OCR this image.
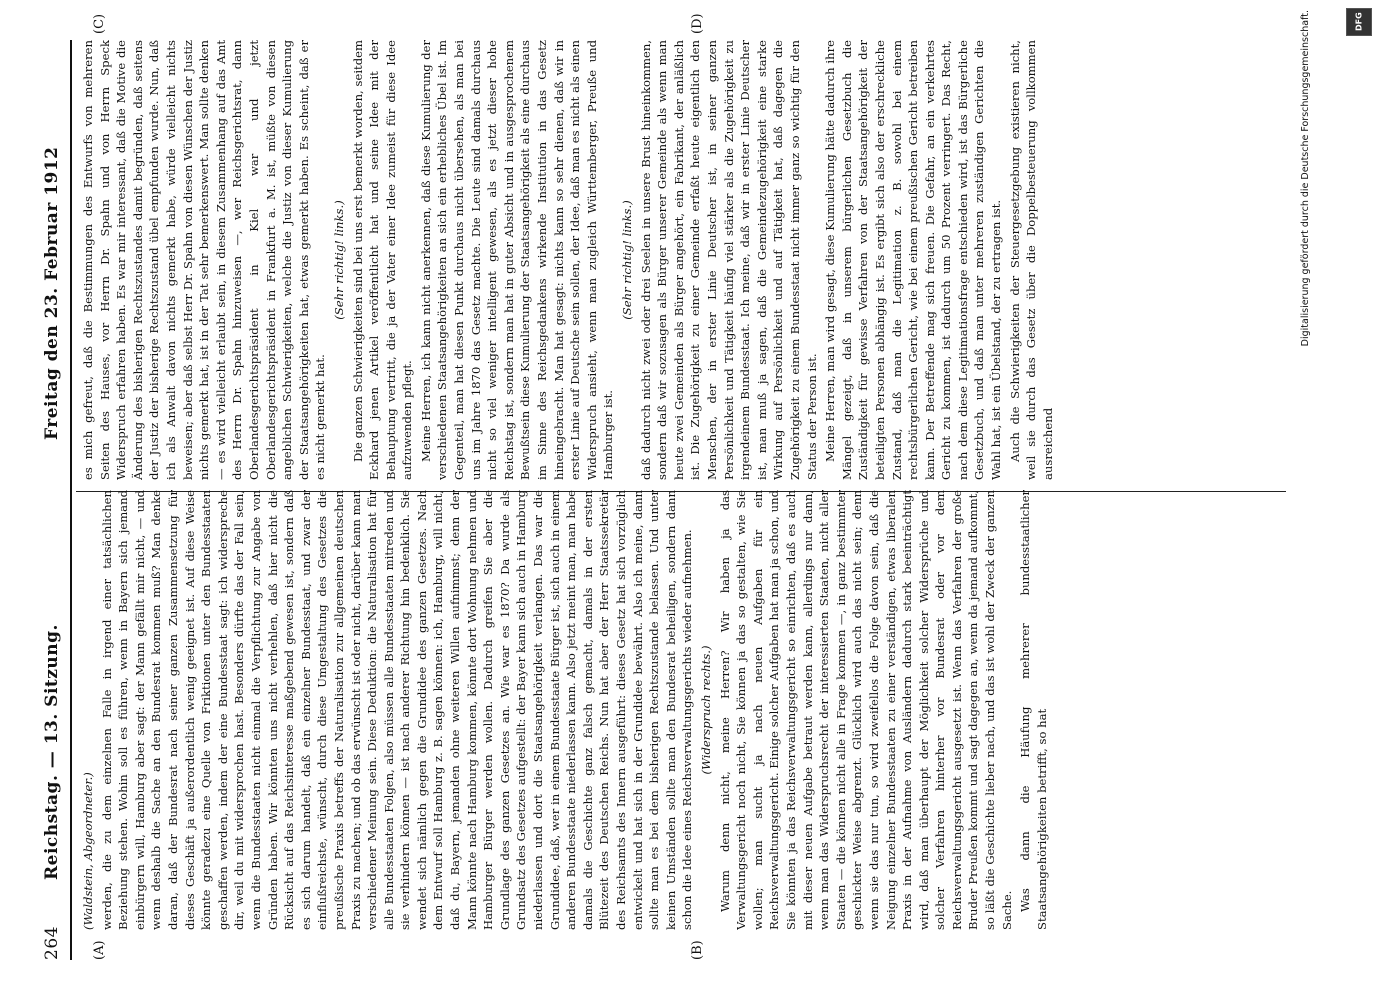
264
Reichstag. — 13. Sitzung.
Freitag den 23. Februar 1912
(A)	(B)
(C)	(D)

(Waldstein, Abgeordneter.) werden, die zu dem einzelnen Falle in irgend einer tatsächlichen Beziehung stehen. Wohin soll es führen, wenn in Bayern sich jemand einbürgern will, Hamburg aber sagt: der Mann gefällt mir nicht, — und wenn deshalb die Sache an den Bundesrat kommen muß? Man denke daran, daß der Bundesrat nach seiner ganzen Zusammensetzung für dieses Geschäft ja außerordentlich wenig geeignet ist. Auf diese Weise könnte geradezu eine Quelle von Friktionen unter den Bundesstaaten geschaffen werden, indem der eine Bundesstaat sagt: ich widerspreche dir, weil du mit widersprochen hast. Besonders dürfte das der Fall sein, wenn die Bundesstaaten nicht einmal die Verpflichtung zur Angabe von Gründen haben. Wir könnten uns nicht verhehlen, daß hier nicht die Rücksicht auf das Reichsinteresse maßgebend gewesen ist, sondern daß es sich darum handelt, daß ein einzelner Bundesstaat, und zwar der einflußreichste, wünscht, durch diese Umgestaltung des Gesetzes die preußische Praxis betreffs der Naturalisation zur allgemeinen deutschen Praxis zu machen; und ob das erwünscht ist oder nicht, darüber kann man verschiedener Meinung sein. Diese Deduktion: die Naturalisation hat für alle Bundesstaaten Folgen, also müssen alle Bundesstaaten mitreden und sie verhindern können — ist nach anderer Richtung hin bedenklich. Sie wendet sich nämlich gegen die Grundidee des ganzen Gesetzes. Nach dem Entwurf soll Hamburg z. B. sagen können: ich, Hamburg, will nicht, daß du, Bayern, jemanden ohne weiteren Willen aufnimmst; denn der Mann könnte nach Hamburg kommen, könnte dort Wohnung nehmen und Hamburger Bürger werden wollen. Dadurch greifen Sie aber die Grundlage des ganzen Gesetzes an. Wie war es 1870? Da wurde als Grundsatz des Gesetzes aufgestellt: der Bayer kann sich auch in Hamburg niederlassen und dort die Staatsangehörigkeit verlangen. Das war die Grundidee, daß, wer in einem Bundesstaate Bürger ist, sich auch in einem anderen Bundesstaate niederlassen kann. Also jetzt meint man, man habe damals die Geschichte ganz falsch gemacht, damals in der ersten Blütezeit des Deutschen Reichs. Nun hat aber der Herr Staatssekretär des Reichsamts des Innern ausgeführt: dieses Gesetz hat sich vorzüglich entwickelt und hat sich in der Grundidee bewährt. Also ich meine, dann sollte man es bei dem bisherigen Rechtszustande belassen. Und unter keinen Umständen sollte man den Bundesrat beheiligen, sondern dann schon die Idee eines Reichsverwaltungsgerichts wieder aufnehmen. (Widerspruch rechts.) Warum denn nicht, meine Herren? Wir haben ja das Verwaltungsgericht noch nicht, Sie können ja das so gestalten, wie Sie wollen; man sucht ja nach neuen Aufgaben für ein Reichsverwaltungsgericht. Einige solcher Aufgaben hat man ja schon, und Sie könnten ja das Reichsverwaltungsgericht so einrichten, daß es auch mit dieser neuen Aufgabe betraut werden kann, allerdings nur dann, wenn man das Widerspruchsrecht der interessierten Staaten, nicht aller Staaten — die können nicht alle in Frage kommen —, in ganz bestimmter geschickter Weise abgrenzt. Glücklich wird auch das nicht sein; denn wenn sie das nur tun, so wird zweifellos die Folge davon sein, daß die Neigung einzelner Bundesstaaten zu einer verständigen, etwas liberalen Praxis in der Aufnahme von Ausländern dadurch stark beeinträchtigt wird, daß man überhaupt der Möglichkeit solcher Widersprüche und solcher Verfahren hinterher vor Bundesrat oder vor dem Reichsverwaltungsgericht ausgesetzt ist. Wenn das Verfahren der große Bruder Preußen kommt und sagt dagegen an, wenn da jemand aufkommt, so läßt die Geschichte lieber nach, und das ist wohl der Zweck der ganzen Sache. Was dann die Häufung mehrerer bundesstaatlicher Staatsangehörigkeiten betrifft, so hat

es mich gefreut, daß die Bestimmungen des Entwurfs von mehreren Seiten des Hauses, vor Herrn Dr. Spahn und von Herrn Speck Widerspruch erfahren haben. Es war mir interessant, daß die Motive die Änderung des bisherigen Rechtszustandes damit begründen, daß seitens der Justiz der bisherige Rechtszustand übel empfunden wurde. Nun, daß ich als Anwalt davon nichts gemerkt habe, würde vielleicht nichts beweisen; aber daß selbst Herr Dr. Spahn von diesen Wünschen der Justiz nichts gemerkt hat, ist in der Tat sehr bemerkenswert. Man sollte denken — es wird vielleicht erlaubt sein, in diesem Zusammenhang auf das Amt des Herrn Dr. Spahn hinzuweisen —, wer Reichsgerichtsrat, dann Oberlandesgerichtspräsident in Kiel war und jetzt Oberlandesgerichtspräsident in Frankfurt a. M. ist, müßte von diesen angeblichen Schwierigkeiten, welche die Justiz von dieser Kumulierung der Staatsangehörigkeiten hat, etwas gemerkt haben. Es scheint, daß er es nicht gemerkt hat.

(Sehr richtig! links.) Die ganzen Schwierigkeiten sind bei uns erst bemerkt worden, seitdem Eckhard jenen Artikel veröffentlicht hat und seine Idee mit der Behauptung vertritt, die ja der Vater einer Idee zumeist für diese Idee aufzuwenden pflegt. Meine Herren, ich kann nicht anerkennen, daß diese Kumulierung der verschiedenen Staatsangehörigkeiten an sich ein erhebliches Übel ist. Im Gegenteil, man hat diesen Punkt durchaus nicht übersehen, als man bei uns im Jahre 1870 das Gesetz machte. Die Leute sind damals durchaus nicht so viel weniger intelligent gewesen, als es jetzt dieser hohe Reichstag ist, sondern man hat in guter Absicht und in ausgesprochenem Bewußtsein diese Kumulierung der Staatsangehörigkeit als eine durchaus im Sinne des Reichsgedankens wirkende Institution in das Gesetz hineingebracht. Man hat gesagt: nichts kann so sehr dienen, daß wir in erster Linie auf Deutsche sein sollen, der Idee, daß man es nicht als einen Widerspruch ansieht, wenn man zugleich Württemberger, Preuße und Hamburger ist.

(Sehr richtig! links.) daß dadurch nicht zwei oder drei Seelen in unsere Brust hineinkommen, sondern daß wir sozusagen als Bürger unserer Gemeinde als wenn man heute zwei Gemeinden als Bürger angehört, ein Fabrikant, der anläßlich ist. Die Zugehörigkeit zu einer Gemeinde erfaßt heute eigentlich den Menschen, der in erster Linie Deutscher ist, in seiner ganzen Persönlichkeit und Tätigkeit häufig viel stärker als die Zugehörigkeit zu irgendeinem Bundesstaat. Ich meine, daß wir in erster Linie Deutscher ist, man muß ja sagen, daß die Gemeindezugehörigkeit eine starke Wirkung auf Persönlichkeit und auf Tätigkeit hat, daß dagegen die Zugehörigkeit zu einem Bundesstaat nicht immer ganz so wichtig für den Status der Person ist. Meine Herren, man wird gesagt, diese Kumulierung hätte dadurch ihre Mängel gezeigt, daß in unserem bürgerlichen Gesetzbuch die Zuständigkeit für gewisse Verfahren von der Staatsangehörigkeit der beteiligten Personen abhängig ist. Es ergibt sich also der erschreckliche Zustand, daß man die Legitimation z. B. sowohl bei einem rechtsbürgerlichen Gericht, wie bei einem preußischen Gericht betreiben kann. Der Betreffende mag sich freuen. Die Gefahr, an ein verkehrtes Gericht zu kommen, ist dadurch um 50 Prozent verringert. Das Recht, nach dem diese Legitimationsfrage entschieden wird, ist das Bürgerliche Gesetzbuch, und daß man unter mehreren zuständigen Gerichten die Wahl hat, ist ein Übelstand, der zu ertragen ist. Auch die Schwierigkeiten der Steuergesetzgebung existieren nicht, weil sie durch das Gesetz über die Doppelbesteuerung vollkommen ausreichend

Digitalisierung gefördert durch die Deutsche Forschungsgemeinschaft.	DFG
